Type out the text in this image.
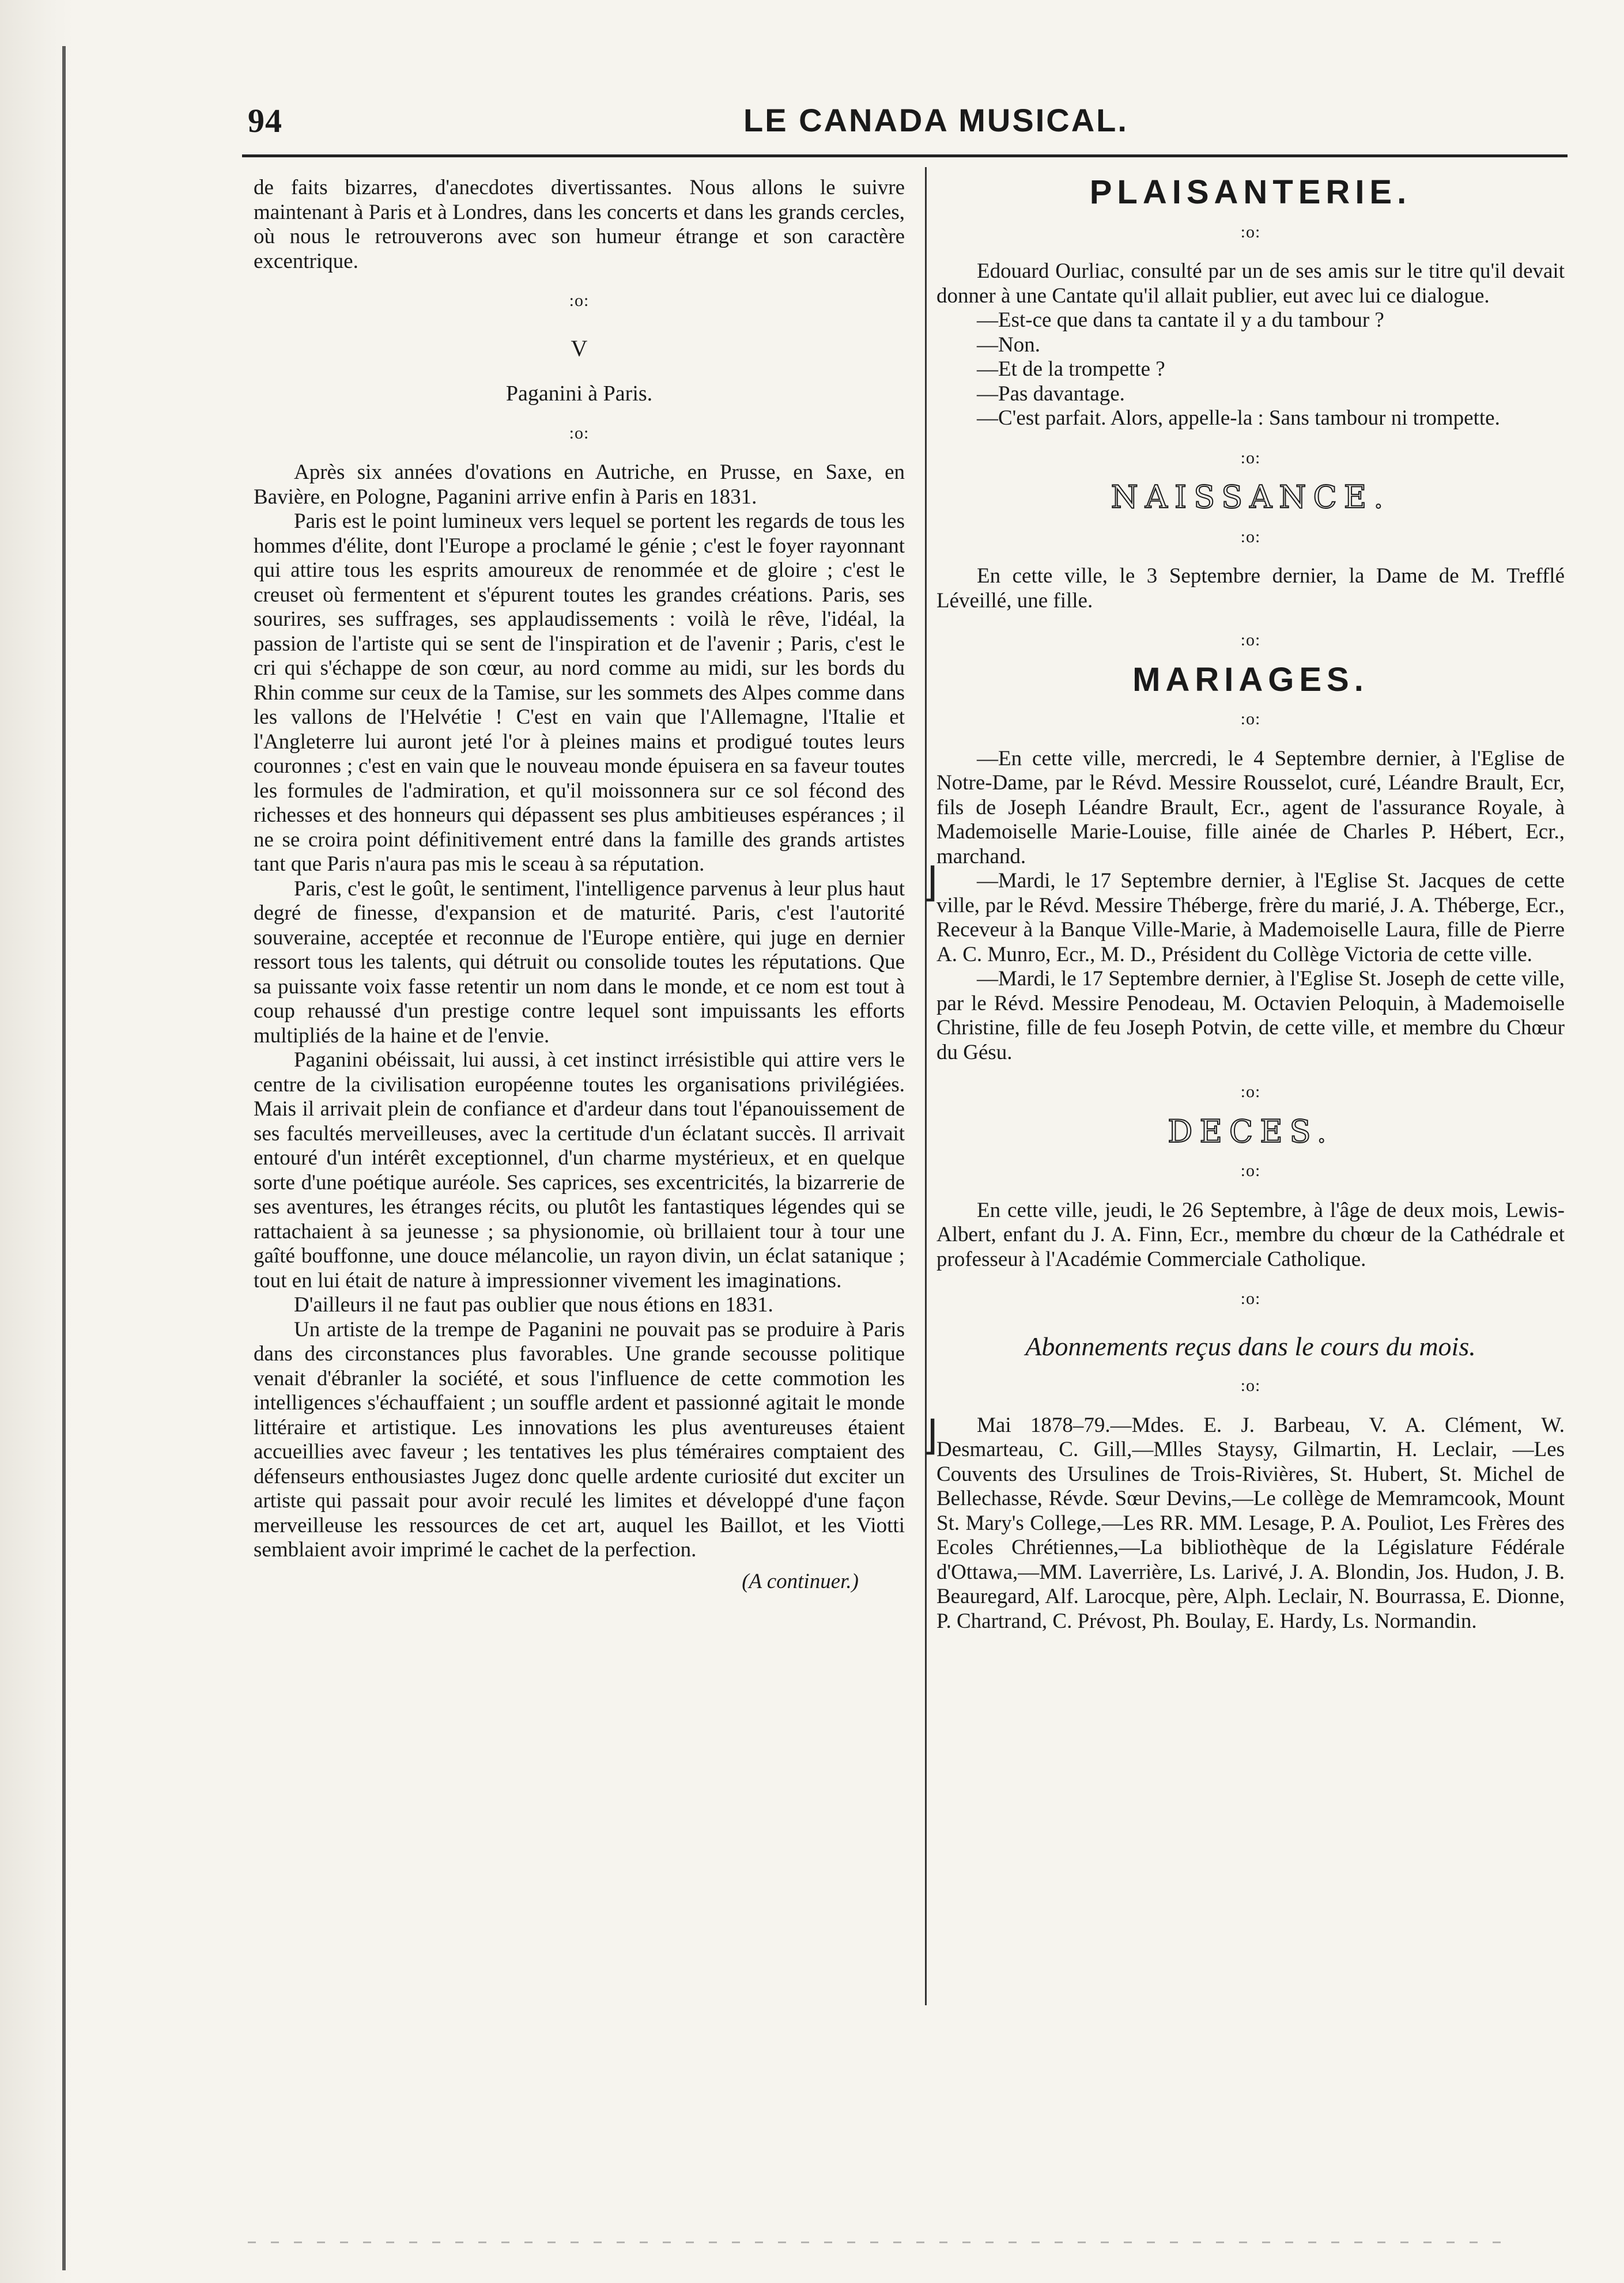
94	LE CANADA MUSICAL.

de faits bizarres, d'anecdotes divertissantes. Nous allons le suivre maintenant à Paris et à Londres, dans les concerts et dans les grands cercles, où nous le retrouverons avec son humeur étrange et son caractère excentrique.

:o:
V
Paganini à Paris.
:o:

Après six années d'ovations en Autriche, en Prusse, en Saxe, en Bavière, en Pologne, Paganini arrive enfin à Paris en 1831.

Paris est le point lumineux vers lequel se portent les regards de tous les hommes d'élite, dont l'Europe a proclamé le génie ; c'est le foyer rayonnant qui attire tous les esprits amoureux de renommée et de gloire ; c'est le creuset où fermentent et s'épurent toutes les grandes créations. Paris, ses sourires, ses suffrages, ses applaudissements : voilà le rêve, l'idéal, la passion de l'artiste qui se sent de l'inspiration et de l'avenir ; Paris, c'est le cri qui s'échappe de son cœur, au nord comme au midi, sur les bords du Rhin comme sur ceux de la Tamise, sur les sommets des Alpes comme dans les vallons de l'Helvétie ! C'est en vain que l'Allemagne, l'Italie et l'Angleterre lui auront jeté l'or à pleines mains et prodigué toutes leurs couronnes ; c'est en vain que le nouveau monde épuisera en sa faveur toutes les formules de l'admiration, et qu'il moissonnera sur ce sol fécond des richesses et des honneurs qui dépassent ses plus ambitieuses espérances ; il ne se croira point définitivement entré dans la famille des grands artistes tant que Paris n'aura pas mis le sceau à sa réputation.

Paris, c'est le goût, le sentiment, l'intelligence parvenus à leur plus haut degré de finesse, d'expansion et de maturité. Paris, c'est l'autorité souveraine, acceptée et reconnue de l'Europe entière, qui juge en dernier ressort tous les talents, qui détruit ou consolide toutes les réputations. Que sa puissante voix fasse retentir un nom dans le monde, et ce nom est tout à coup rehaussé d'un prestige contre lequel sont impuissants les efforts multipliés de la haine et de l'envie.

Paganini obéissait, lui aussi, à cet instinct irrésistible qui attire vers le centre de la civilisation européenne toutes les organisations privilégiées. Mais il arrivait plein de confiance et d'ardeur dans tout l'épanouissement de ses facultés merveilleuses, avec la certitude d'un éclatant succès. Il arrivait entouré d'un intérêt exceptionnel, d'un charme mystérieux, et en quelque sorte d'une poétique auréole. Ses caprices, ses excentricités, la bizarrerie de ses aventures, les étranges récits, ou plutôt les fantastiques légendes qui se rattachaient à sa jeunesse ; sa physionomie, où brillaient tour à tour une gaîté bouffonne, une douce mélancolie, un rayon divin, un éclat satanique ; tout en lui était de nature à impressionner vivement les imaginations.

D'ailleurs il ne faut pas oublier que nous étions en 1831.

Un artiste de la trempe de Paganini ne pouvait pas se produire à Paris dans des circonstances plus favorables. Une grande secousse politique venait d'ébranler la société, et sous l'influence de cette commotion les intelligences s'échauffaient ; un souffle ardent et passionné agitait le monde littéraire et artistique. Les innovations les plus aventureuses étaient accueillies avec faveur ; les tentatives les plus téméraires comptaient des défenseurs enthousiastes Jugez donc quelle ardente curiosité dut exciter un artiste qui passait pour avoir reculé les limites et développé d'une façon merveilleuse les ressources de cet art, auquel les Baillot, et les Viotti semblaient avoir imprimé le cachet de la perfection.

(A continuer.)
PLAISANTERIE.
:o:

Edouard Ourliac, consulté par un de ses amis sur le titre qu'il devait donner à une Cantate qu'il allait publier, eut avec lui ce dialogue.

—Est-ce que dans ta cantate il y a du tambour ?

—Non.

—Et de la trompette ?

—Pas davantage.

—C'est parfait. Alors, appelle-la : Sans tambour ni trompette.

:o:
NAISSANCE.
:o:

En cette ville, le 3 Septembre dernier, la Dame de M. Trefflé Léveillé, une fille.

:o:
MARIAGES.
:o:

—En cette ville, mercredi, le 4 Septembre dernier, à l'Eglise de Notre-Dame, par le Révd. Messire Rousselot, curé, Léandre Brault, Ecr, fils de Joseph Léandre Brault, Ecr., agent de l'assurance Royale, à Mademoiselle Marie-Louise, fille ainée de Charles P. Hébert, Ecr., marchand.

—Mardi, le 17 Septembre dernier, à l'Eglise St. Jacques de cette ville, par le Révd. Messire Théberge, frère du marié, J. A. Théberge, Ecr., Receveur à la Banque Ville-Marie, à Mademoiselle Laura, fille de Pierre A. C. Munro, Ecr., M. D., Président du Collège Victoria de cette ville.

—Mardi, le 17 Septembre dernier, à l'Eglise St. Joseph de cette ville, par le Révd. Messire Penodeau, M. Octavien Peloquin, à Mademoiselle Christine, fille de feu Joseph Potvin, de cette ville, et membre du Chœur du Gésu.

:o:
DECES.
:o:

En cette ville, jeudi, le 26 Septembre, à l'âge de deux mois, Lewis-Albert, enfant du J. A. Finn, Ecr., membre du chœur de la Cathédrale et professeur à l'Académie Commerciale Catholique.

:o:
Abonnements reçus dans le cours du mois.
:o:

Mai 1878–79.—Mdes. E. J. Barbeau, V. A. Clément, W. Desmarteau, C. Gill,—Mlles Staysy, Gilmartin, H. Leclair, —Les Couvents des Ursulines de Trois-Rivières, St. Hubert, St. Michel de Bellechasse, Révde. Sœur Devins,—Le collège de Memramcook, Mount St. Mary's College,—Les RR. MM. Lesage, P. A. Pouliot, Les Frères des Ecoles Chrétiennes,—La bibliothèque de la Législature Fédérale d'Ottawa,—MM. Laverrière, Ls. Larivé, J. A. Blondin, Jos. Hudon, J. B. Beauregard, Alf. Larocque, père, Alph. Leclair, N. Bourrassa, E. Dionne, P. Chartrand, C. Prévost, Ph. Boulay, E. Hardy, Ls. Normandin.

⌋
⌋
